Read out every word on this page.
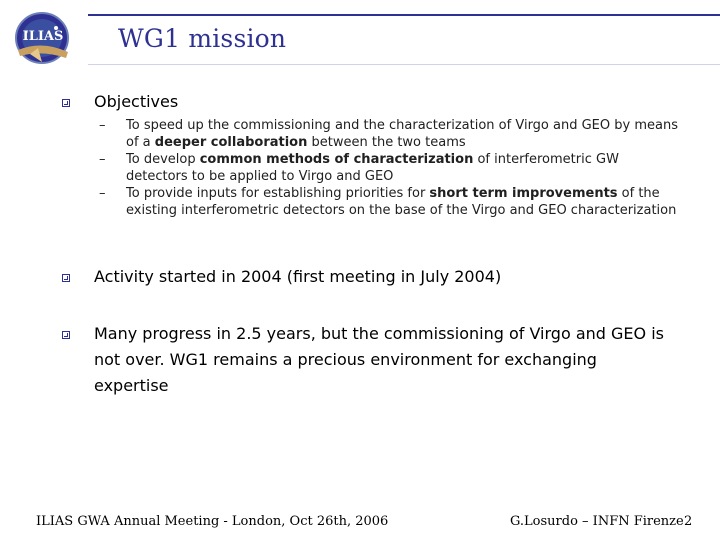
ILIAS WG1 mission
Objectives
– To speed up the commissioning and the characterization of Virgo and GEO by means of a deeper collaboration between the two teams
– To develop common methods of characterization of interferometric GW detectors to be applied to Virgo and GEO
– To provide inputs for establishing priorities for short term improvements of the existing interferometric detectors on the base of the Virgo and GEO characterization
Activity started in 2004 (first meeting in July 2004)
Many progress in 2.5 years, but the commissioning of Virgo and GEO is
not over. WG1 remains a precious environment for exchanging
expertise
ILIAS GWA Annual Meeting - London, Oct 26th, 2006	G.Losurdo – INFN Firenze 2
